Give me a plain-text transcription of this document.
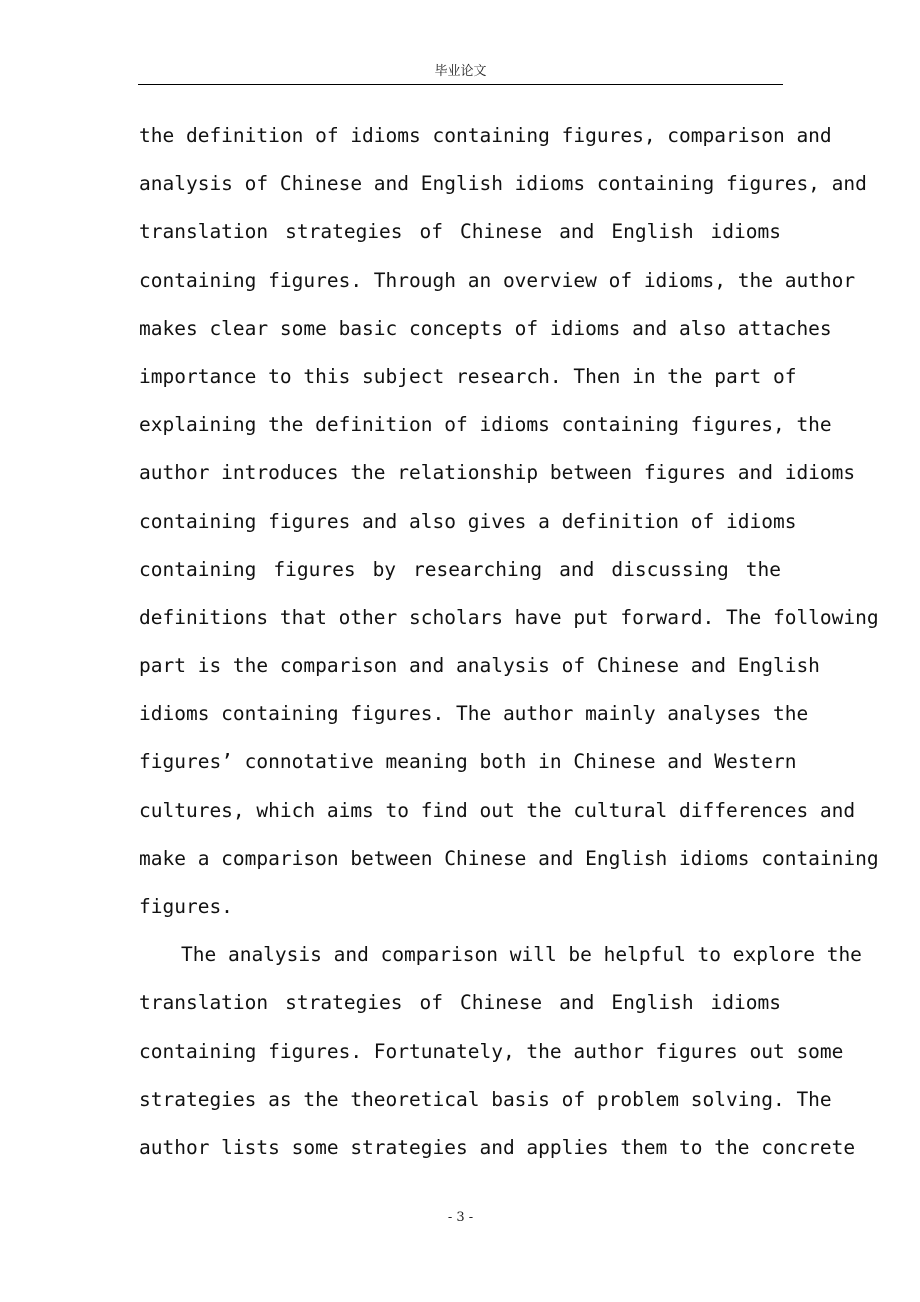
毕业论文
the definition of idioms containing figures, comparison and
analysis of Chinese and English idioms containing figures, and
translation strategies of Chinese and English idioms
containing figures. Through an overview of idioms, the author
makes clear some basic concepts of idioms and also attaches
importance to this subject research. Then in the part of
explaining the definition of idioms containing figures, the
author introduces the relationship between figures and idioms
containing figures and also gives a definition of idioms
containing figures by researching and discussing the
definitions that other scholars have put forward. The following
part is the comparison and analysis of Chinese and English
idioms containing figures. The author mainly analyses the
figures’ connotative meaning both in Chinese and Western
cultures, which aims to find out the cultural differences and
make a comparison between Chinese and English idioms containing
figures.
The analysis and comparison will be helpful to explore the
translation strategies of Chinese and English idioms
containing figures. Fortunately, the author figures out some
strategies as the theoretical basis of problem solving. The
author lists some strategies and applies them to the concrete
- 3 -
